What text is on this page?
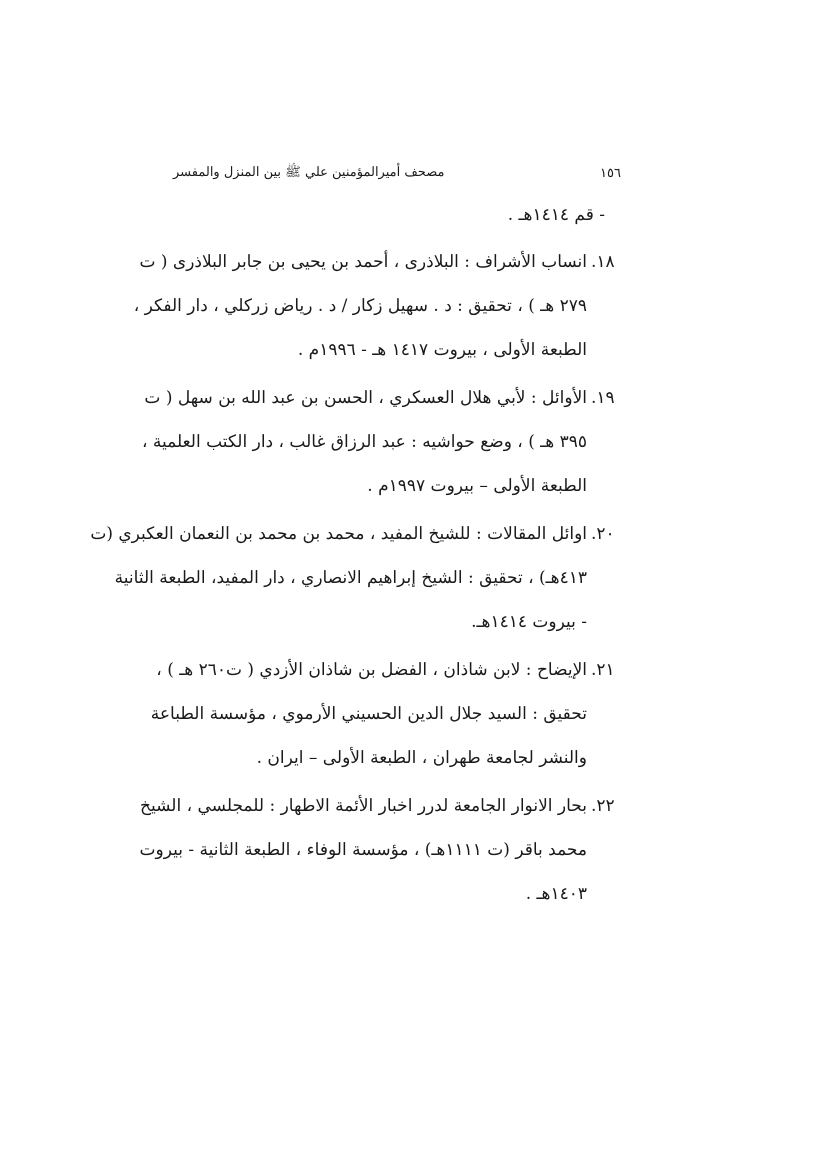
١٥٦
مصحف أميرالمؤمنين علي ﷺ بين المنزل والمفسر
- قم ١٤١٤هـ .
١٨.
انساب الأشراف : البلاذرى ، أحمد بن يحيى بن جابر البلاذرى ( ت
٢٧٩ هـ ) ، تحقيق : د . سهيل زكار / د . رياض زركلي ، دار الفكر ،
الطبعة الأولى ، بيروت ١٤١٧ هـ - ١٩٩٦م .
١٩.
الأوائل : لأبي هلال العسكري ، الحسن بن عبد الله بن سهل ( ت
٣٩٥ هـ ) ، وضع حواشيه : عبد الرزاق غالب ، دار الكتب العلمية ،
الطبعة الأولى – بيروت ١٩٩٧م .
٢٠.
اوائل المقالات : للشيخ المفيد ، محمد بن محمد بن النعمان العكبري (ت
٤١٣هـ) ، تحقيق : الشيخ إبراهيم الانصاري ، دار المفيد، الطبعة الثانية
- بيروت ١٤١٤هـ.
٢١.
الإيضاح : لابن شاذان ، الفضل بن شاذان الأزدي ( ت٢٦٠ هـ ) ،
تحقيق : السيد جلال الدين الحسيني الأرموي ، مؤسسة الطباعة
والنشر لجامعة طهران ، الطبعة الأولى – ايران .
٢٢.
بحار الانوار الجامعة لدرر اخبار الأئمة الاطهار : للمجلسي ، الشيخ
محمد باقر (ت ١١١١هـ) ، مؤسسة الوفاء ، الطبعة الثانية - بيروت
١٤٠٣هـ .
